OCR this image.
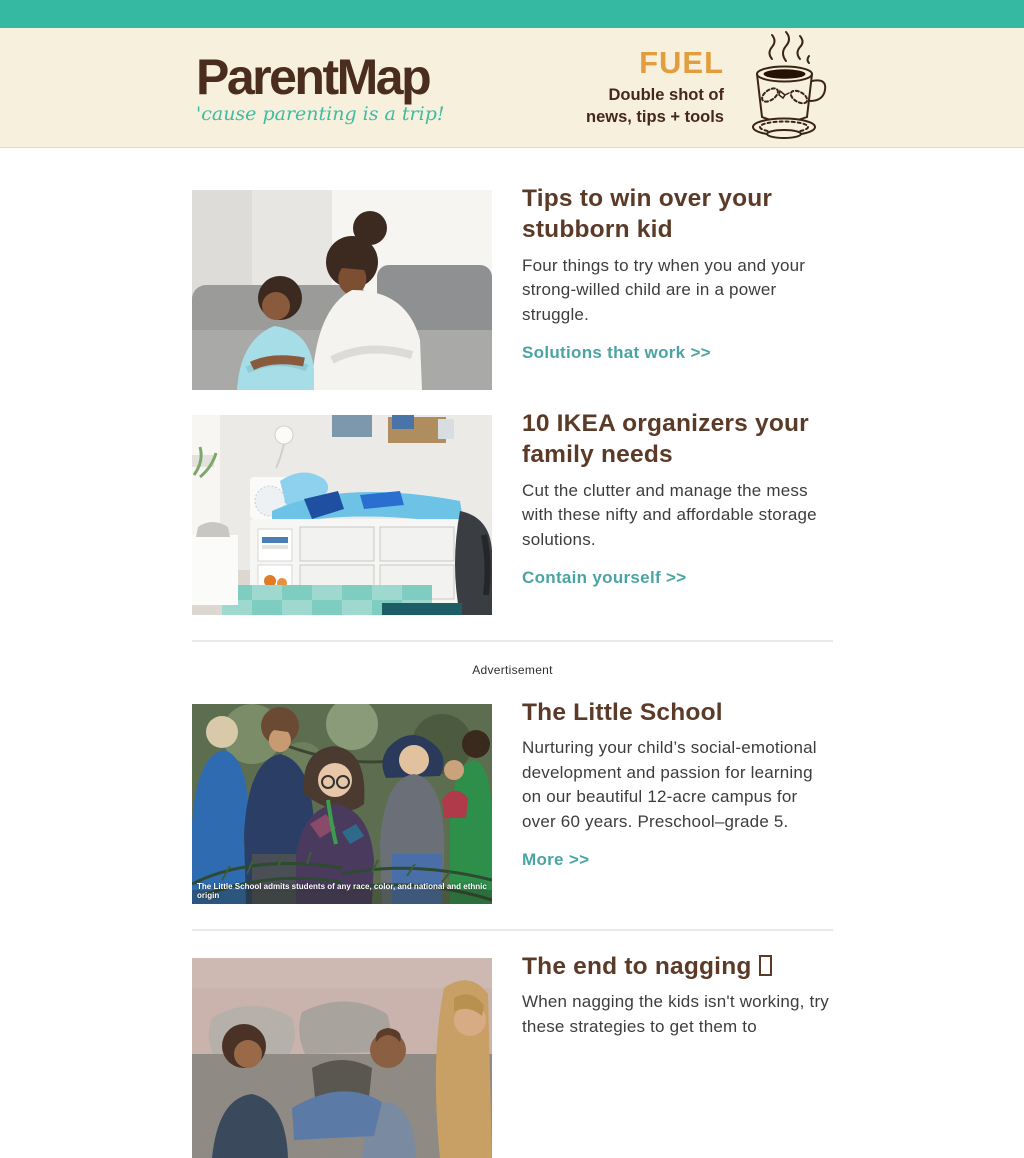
ParentMap
'cause parenting is a trip!
FUEL
Double shot of
news, tips + tools
Tips to win over your stubborn kid

Four things to try when you and your strong-willed child are in a power struggle.

Solutions that work >>
10 IKEA organizers your family needs

Cut the clutter and manage the mess with these nifty and affordable storage solutions.

Contain yourself >>
Advertisement
The Little School admits students of any race, color, and national and ethnic origin
The Little School

Nurturing your child’s social-emotional development and passion for learning on our beautiful 12-acre campus for over 60 years. Preschool–grade 5.

More >>
The end to nagging

When nagging the kids isn't working, try these strategies to get them to
